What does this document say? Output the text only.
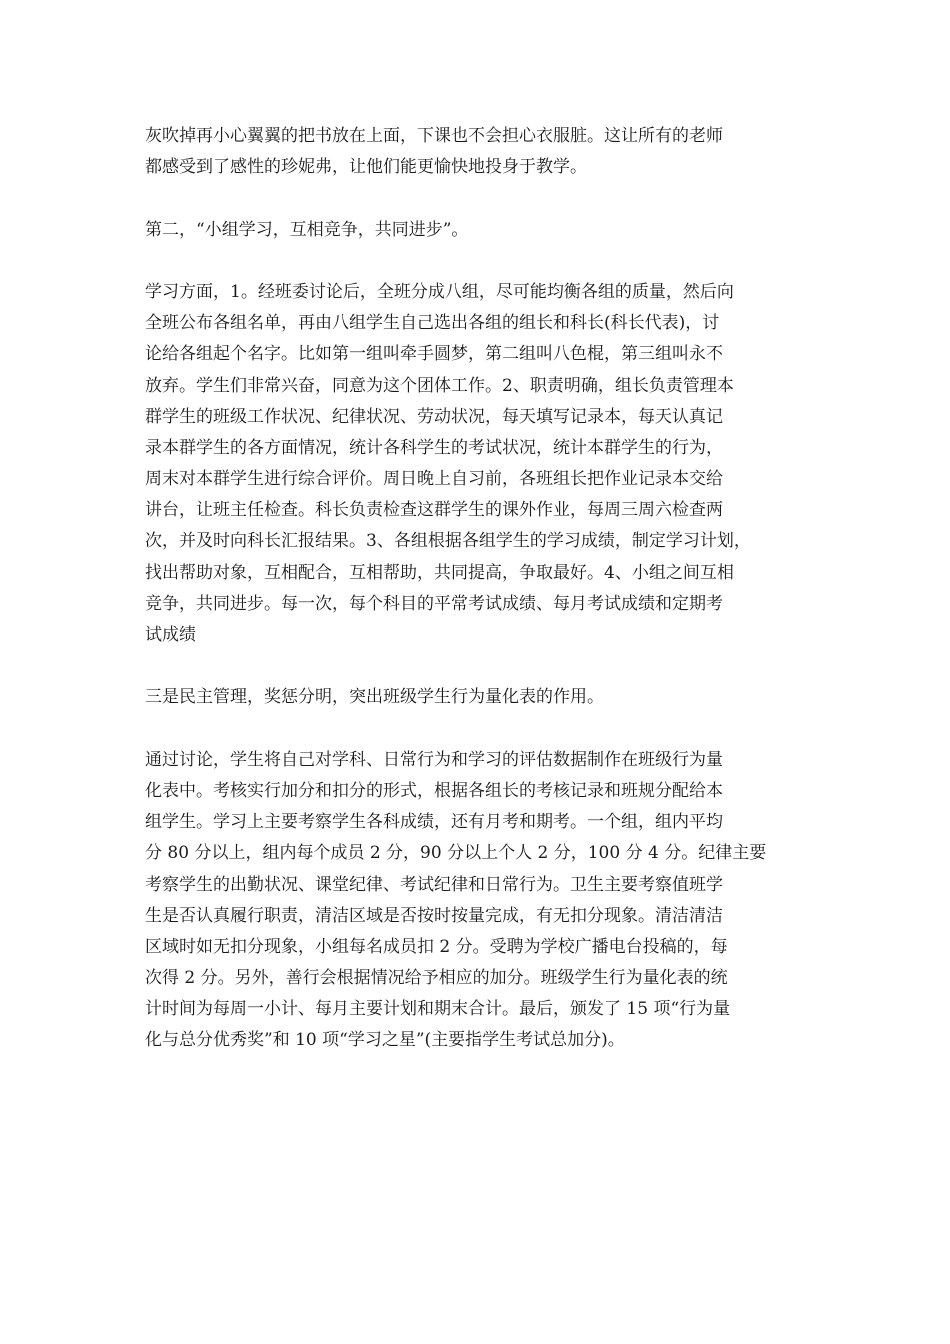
灰吹掉再小心翼翼的把书放在上面，下课也不会担心衣服脏。这让所有的老师
都感受到了感性的珍妮弗，让他们能更愉快地投身于教学。
第二，“小组学习，互相竞争，共同进步”。
学习方面，1。经班委讨论后，全班分成八组，尽可能均衡各组的质量，然后向
全班公布各组名单，再由八组学生自己选出各组的组长和科长(科长代表)，讨
论给各组起个名字。比如第一组叫牵手圆梦，第二组叫八色棍，第三组叫永不
放弃。学生们非常兴奋，同意为这个团体工作。2、职责明确，组长负责管理本
群学生的班级工作状况、纪律状况、劳动状况，每天填写记录本，每天认真记
录本群学生的各方面情况，统计各科学生的考试状况，统计本群学生的行为，
周末对本群学生进行综合评价。周日晚上自习前，各班组长把作业记录本交给
讲台，让班主任检查。科长负责检查这群学生的课外作业，每周三周六检查两
次，并及时向科长汇报结果。3、各组根据各组学生的学习成绩，制定学习计划，
找出帮助对象，互相配合，互相帮助，共同提高，争取最好。4、小组之间互相
竞争，共同进步。每一次，每个科目的平常考试成绩、每月考试成绩和定期考
试成绩
三是民主管理，奖惩分明，突出班级学生行为量化表的作用。
通过讨论，学生将自己对学科、日常行为和学习的评估数据制作在班级行为量
化表中。考核实行加分和扣分的形式，根据各组长的考核记录和班规分配给本
组学生。学习上主要考察学生各科成绩，还有月考和期考。一个组，组内平均
分 80 分以上，组内每个成员 2 分，90 分以上个人 2 分，100 分 4 分。纪律主要
考察学生的出勤状况、课堂纪律、考试纪律和日常行为。卫生主要考察值班学
生是否认真履行职责，清洁区域是否按时按量完成，有无扣分现象。清洁清洁
区域时如无扣分现象，小组每名成员扣 2 分。受聘为学校广播电台投稿的，每
次得 2 分。另外，善行会根据情况给予相应的加分。班级学生行为量化表的统
计时间为每周一小计、每月主要计划和期末合计。最后，颁发了 15 项“行为量
化与总分优秀奖”和 10 项“学习之星”(主要指学生考试总加分)。
